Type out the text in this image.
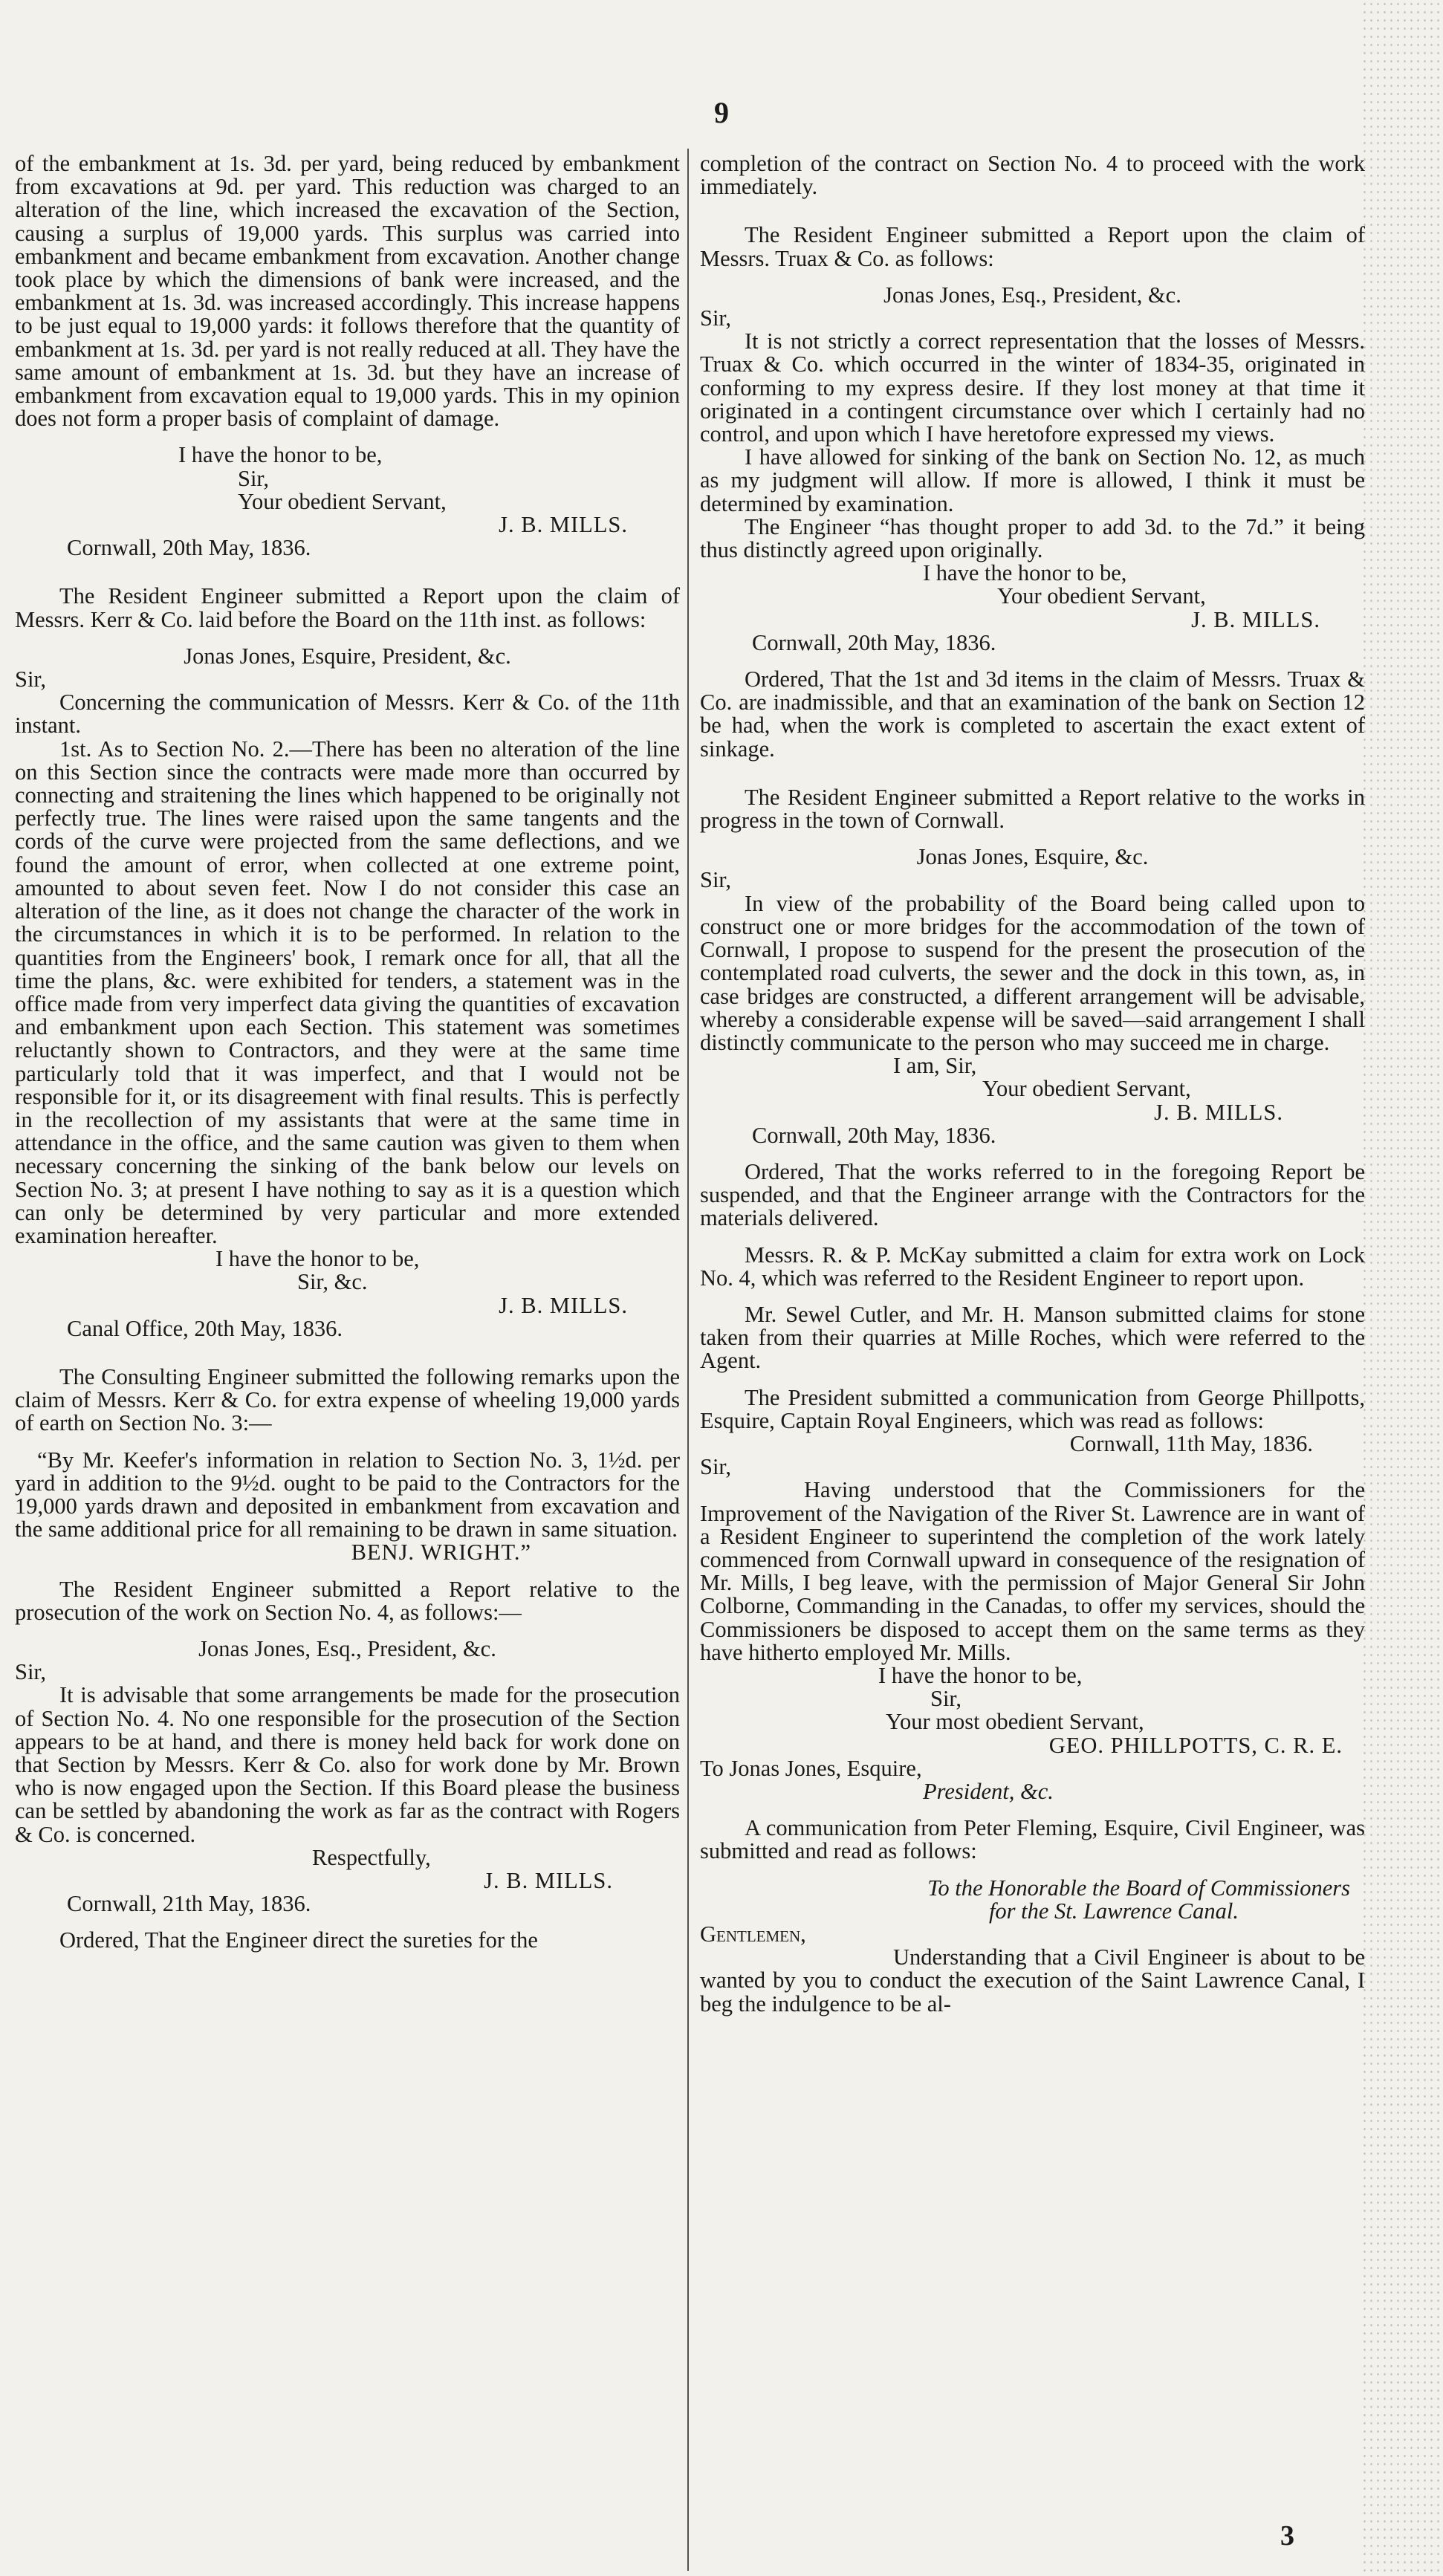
9

of the embankment at 1s. 3d. per yard, being reduced by embankment from excavations at 9d. per yard. This reduction was charged to an alteration of the line, which increased the excavation of the Section, causing a surplus of 19,000 yards. This surplus was carried into embankment and became embankment from excavation. Another change took place by which the dimensions of bank were increased, and the embankment at 1s. 3d. was increased accordingly. This increase happens to be just equal to 19,000 yards: it follows therefore that the quantity of embankment at 1s. 3d. per yard is not really reduced at all. They have the same amount of embankment at 1s. 3d. but they have an increase of embankment from excavation equal to 19,000 yards. This in my opinion does not form a proper basis of complaint of damage.

I have the honor to be,

Sir,

Your obedient Servant,

J. B. MILLS.

Cornwall, 20th May, 1836.

The Resident Engineer submitted a Report upon the claim of Messrs. Kerr & Co. laid before the Board on the 11th inst. as follows:

Jonas Jones, Esquire, President, &c.

Sir,

Concerning the communication of Messrs. Kerr & Co. of the 11th instant.

1st. As to Section No. 2.—There has been no alteration of the line on this Section since the contracts were made more than occurred by connecting and straitening the lines which happened to be originally not perfectly true. The lines were raised upon the same tangents and the cords of the curve were projected from the same deflections, and we found the amount of error, when collected at one extreme point, amounted to about seven feet. Now I do not consider this case an alteration of the line, as it does not change the character of the work in the circumstances in which it is to be performed. In relation to the quantities from the Engineers' book, I remark once for all, that all the time the plans, &c. were exhibited for tenders, a statement was in the office made from very imperfect data giving the quantities of excavation and embankment upon each Section. This statement was sometimes reluctantly shown to Contractors, and they were at the same time particularly told that it was imperfect, and that I would not be responsible for it, or its disagreement with final results. This is perfectly in the recollection of my assistants that were at the same time in attendance in the office, and the same caution was given to them when necessary concerning the sinking of the bank below our levels on Section No. 3; at present I have nothing to say as it is a question which can only be determined by very particular and more extended examination hereafter.

I have the honor to be,

Sir, &c.

J. B. MILLS.

Canal Office, 20th May, 1836.

The Consulting Engineer submitted the following remarks upon the claim of Messrs. Kerr & Co. for extra expense of wheeling 19,000 yards of earth on Section No. 3:—

“By Mr. Keefer's information in relation to Section No. 3, 1½d. per yard in addition to the 9½d. ought to be paid to the Contractors for the 19,000 yards drawn and deposited in embankment from excavation and the same additional price for all remaining to be drawn in same situation.

BENJ. WRIGHT.”

The Resident Engineer submitted a Report relative to the prosecution of the work on Section No. 4, as follows:—

Jonas Jones, Esq., President, &c.

Sir,

It is advisable that some arrangements be made for the prosecution of Section No. 4. No one responsible for the prosecution of the Section appears to be at hand, and there is money held back for work done on that Section by Messrs. Kerr & Co. also for work done by Mr. Brown who is now engaged upon the Section. If this Board please the business can be settled by abandoning the work as far as the contract with Rogers & Co. is concerned.

Respectfully,

J. B. MILLS.

Cornwall, 21th May, 1836.

Ordered, That the Engineer direct the sureties for the

completion of the contract on Section No. 4 to proceed with the work immediately.

The Resident Engineer submitted a Report upon the claim of Messrs. Truax & Co. as follows:

Jonas Jones, Esq., President, &c.

Sir,

It is not strictly a correct representation that the losses of Messrs. Truax & Co. which occurred in the winter of 1834-35, originated in conforming to my express desire. If they lost money at that time it originated in a contingent circumstance over which I certainly had no control, and upon which I have heretofore expressed my views.

I have allowed for sinking of the bank on Section No. 12, as much as my judgment will allow. If more is allowed, I think it must be determined by examination.

The Engineer “has thought proper to add 3d. to the 7d.” it being thus distinctly agreed upon originally.

I have the honor to be,

Your obedient Servant,

J. B. MILLS.

Cornwall, 20th May, 1836.

Ordered, That the 1st and 3d items in the claim of Messrs. Truax & Co. are inadmissible, and that an examination of the bank on Section 12 be had, when the work is completed to ascertain the exact extent of sinkage.

The Resident Engineer submitted a Report relative to the works in progress in the town of Cornwall.

Jonas Jones, Esquire, &c.

Sir,

In view of the probability of the Board being called upon to construct one or more bridges for the accommodation of the town of Cornwall, I propose to suspend for the present the prosecution of the contemplated road culverts, the sewer and the dock in this town, as, in case bridges are constructed, a different arrangement will be advisable, whereby a considerable expense will be saved—said arrangement I shall distinctly communicate to the person who may succeed me in charge.

I am, Sir,

Your obedient Servant,

J. B. MILLS.

Cornwall, 20th May, 1836.

Ordered, That the works referred to in the foregoing Report be suspended, and that the Engineer arrange with the Contractors for the materials delivered.

Messrs. R. & P. McKay submitted a claim for extra work on Lock No. 4, which was referred to the Resident Engineer to report upon.

Mr. Sewel Cutler, and Mr. H. Manson submitted claims for stone taken from their quarries at Mille Roches, which were referred to the Agent.

The President submitted a communication from George Phillpotts, Esquire, Captain Royal Engineers, which was read as follows:

Cornwall, 11th May, 1836.

Sir,

Having understood that the Commissioners for the Improvement of the Navigation of the River St. Lawrence are in want of a Resident Engineer to superintend the completion of the work lately commenced from Cornwall upward in consequence of the resignation of Mr. Mills, I beg leave, with the permission of Major General Sir John Colborne, Commanding in the Canadas, to offer my services, should the Commissioners be disposed to accept them on the same terms as they have hitherto employed Mr. Mills.

I have the honor to be,

Sir,

Your most obedient Servant,

GEO. PHILLPOTTS, C. R. E.

To Jonas Jones, Esquire,

President, &c.

A communication from Peter Fleming, Esquire, Civil Engineer, was submitted and read as follows:

To the Honorable the Board of Commissioners

for the St. Lawrence Canal.

Gentlemen,

Understanding that a Civil Engineer is about to be wanted by you to conduct the execution of the Saint Lawrence Canal, I beg the indulgence to be al-

3
